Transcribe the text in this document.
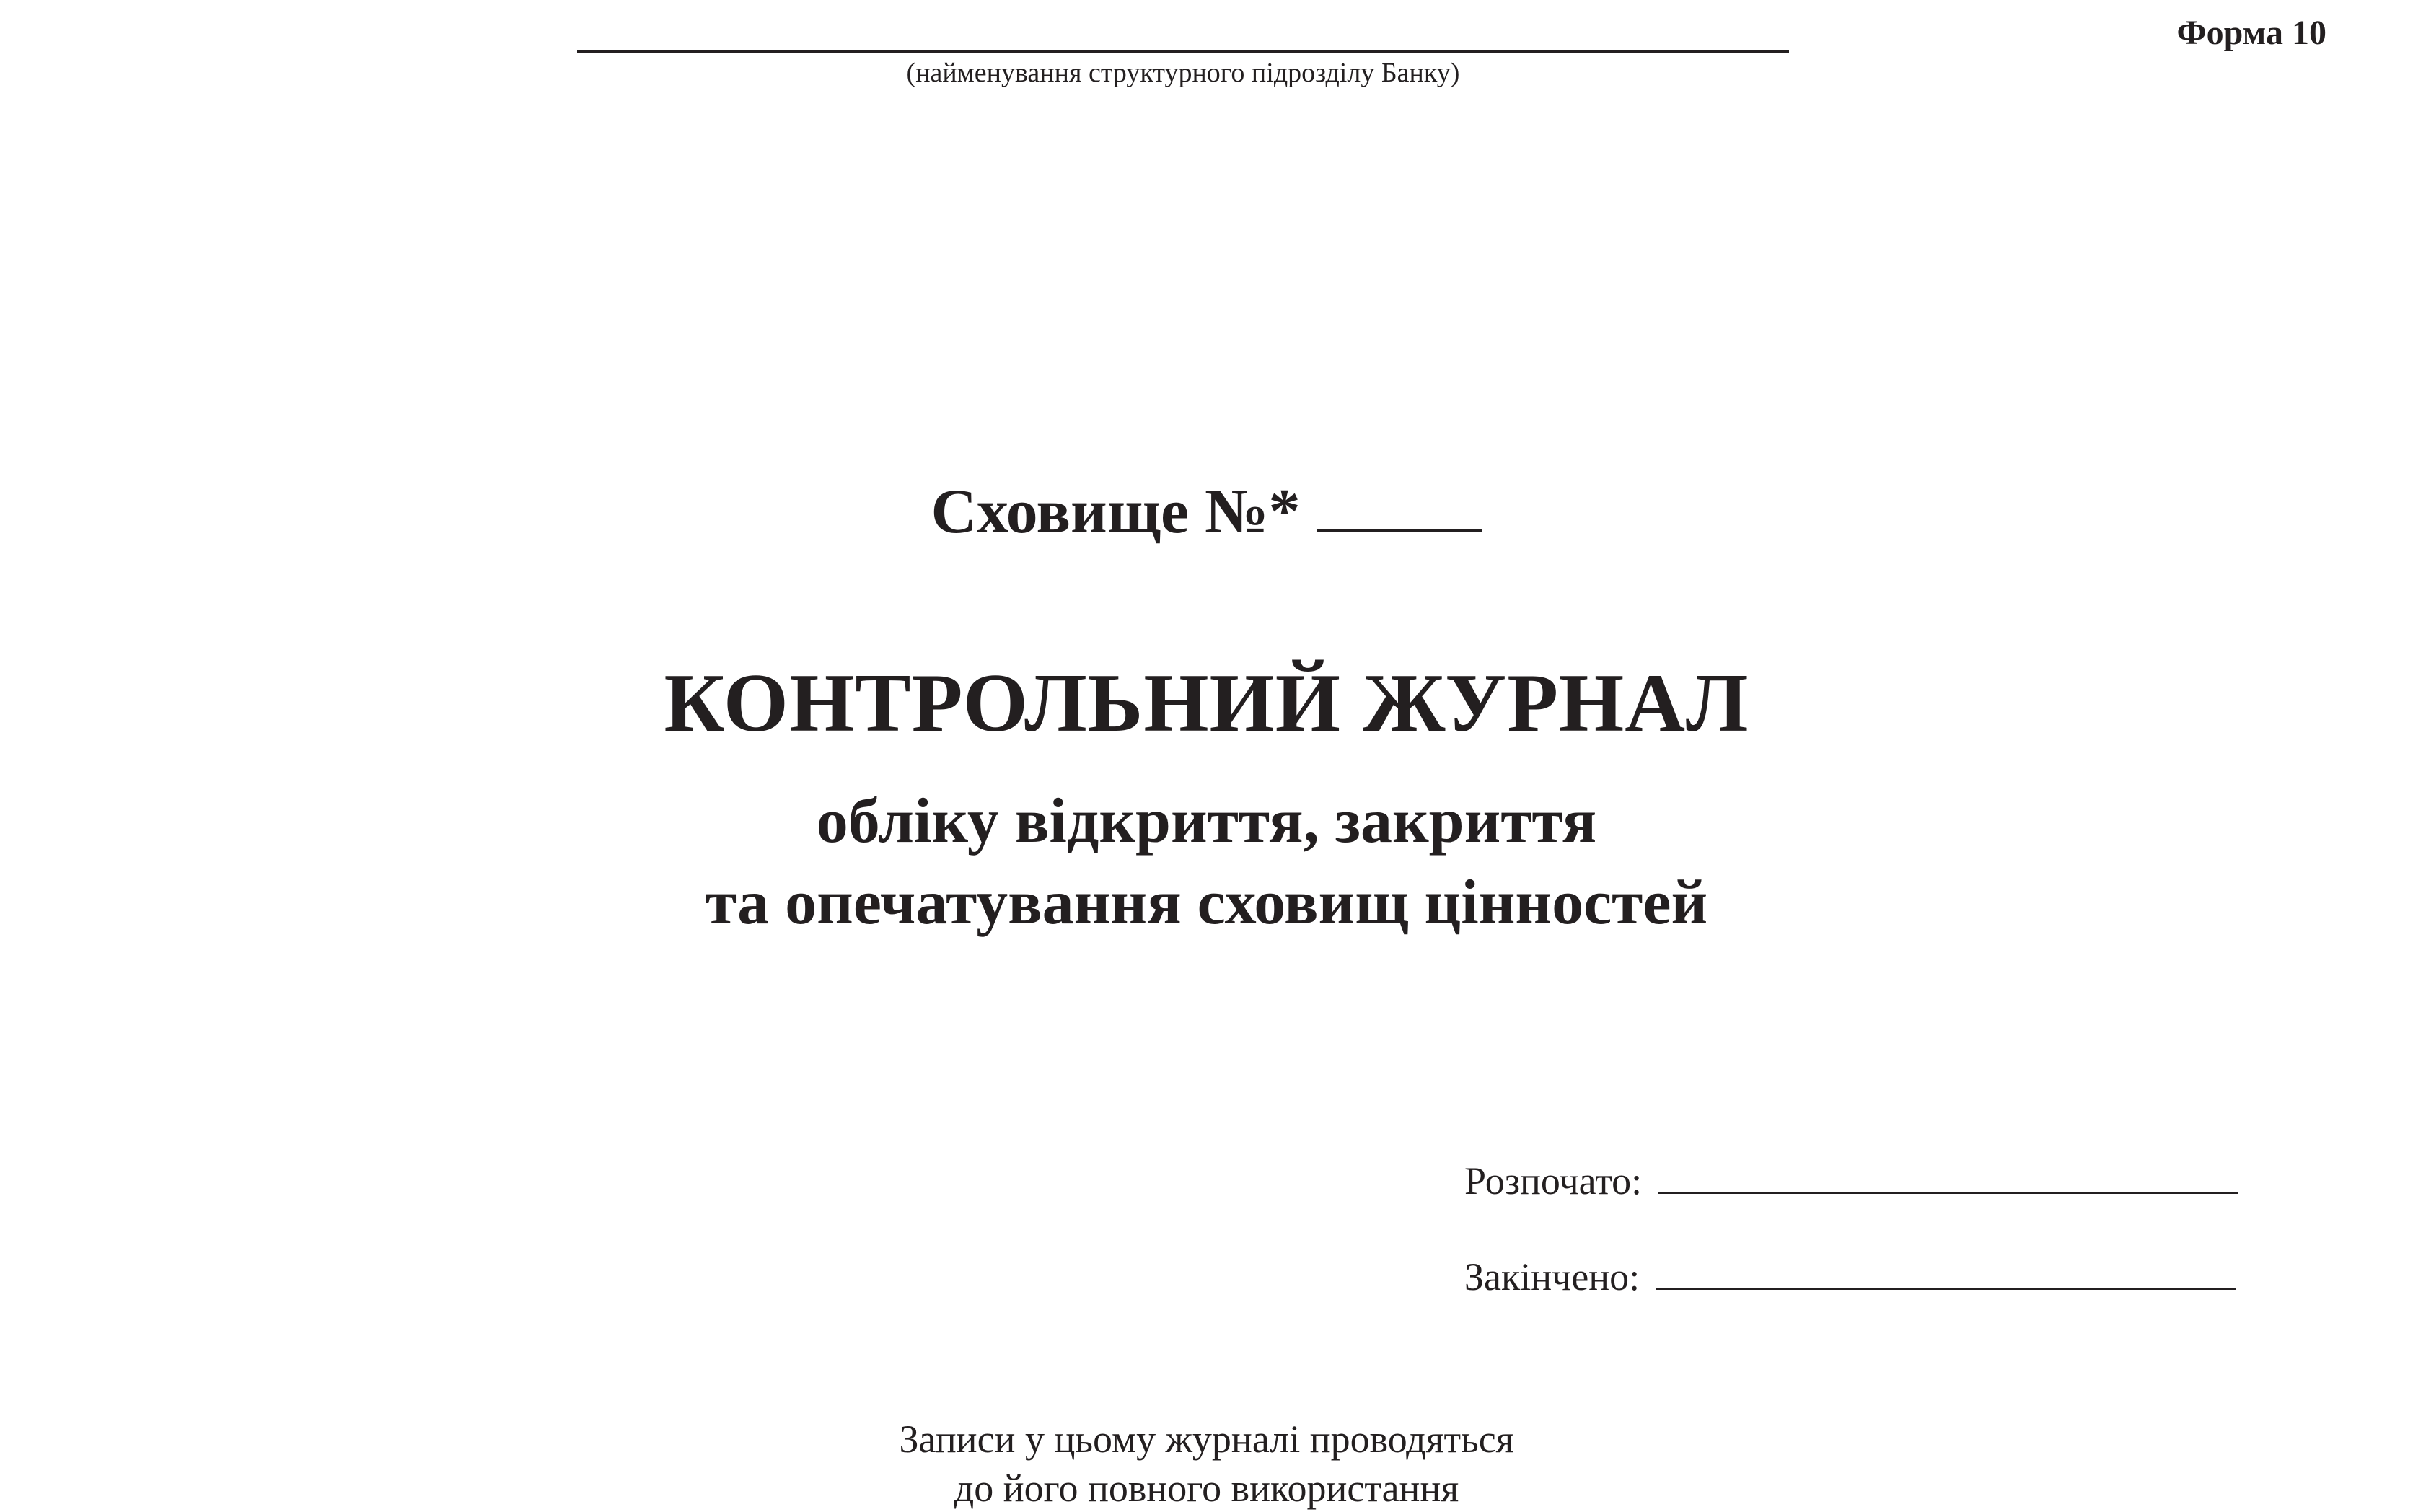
(найменування структурного підрозділу Банку)
Форма 10
Сховище №*
КОНТРОЛЬНИЙ ЖУРНАЛ
обліку відкриття, закриття
та опечатування сховищ цінностей
Розпочато:
Закінчено:
Записи у цьому журналі проводяться
до його повного використання
